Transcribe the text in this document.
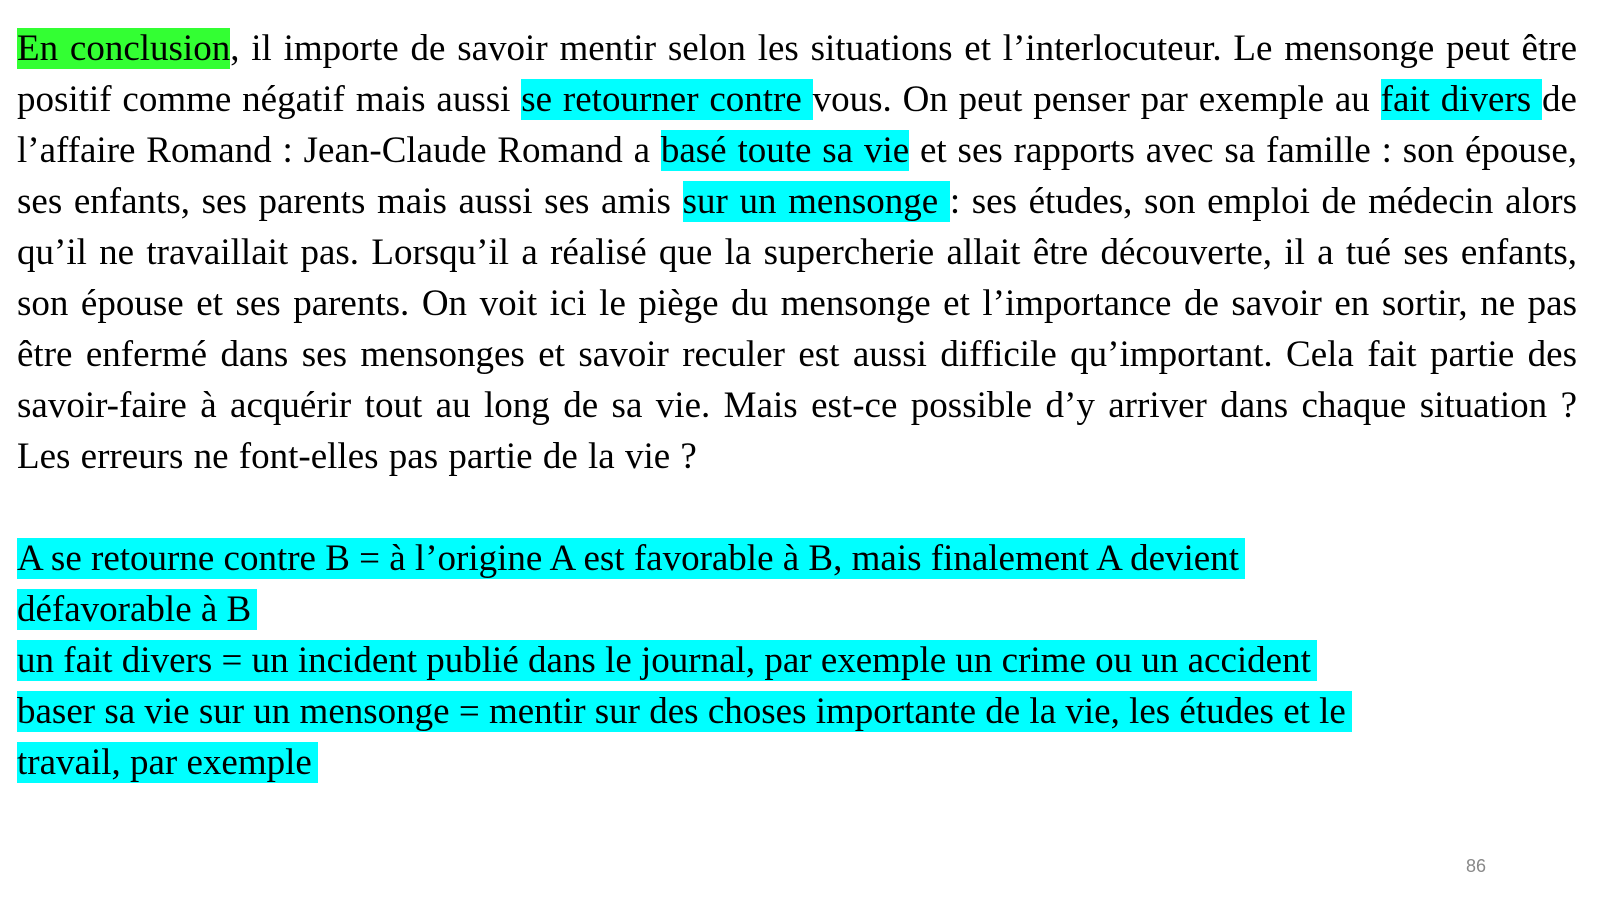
En conclusion, il importe de savoir mentir selon les situations et l’interlocuteur. Le mensonge peut être positif comme négatif mais aussi se retourner contre vous. On peut penser par exemple au fait divers de l’affaire Romand : Jean-Claude Romand a basé toute sa vie et ses rapports avec sa famille : son épouse, ses enfants, ses parents mais aussi ses amis sur un mensonge : ses études, son emploi de médecin alors qu’il ne travaillait pas. Lorsqu’il a réalisé que la supercherie allait être découverte, il a tué ses enfants, son épouse et ses parents. On voit ici le piège du mensonge et l’importance de savoir en sortir, ne pas être enfermé dans ses mensonges et savoir reculer est aussi difficile qu’important. Cela fait partie des savoir-faire à acquérir tout au long de sa vie. Mais est-ce possible d’y arriver dans chaque situation ? Les erreurs ne font-elles pas partie de la vie ?

A se retourne contre B = à l’origine A est favorable à B, mais finalement A devient
défavorable à B
un fait divers = un incident publié dans le journal, par exemple un crime ou un accident
baser sa vie sur un mensonge = mentir sur des choses importante de la vie, les études et le
travail, par exemple
86
